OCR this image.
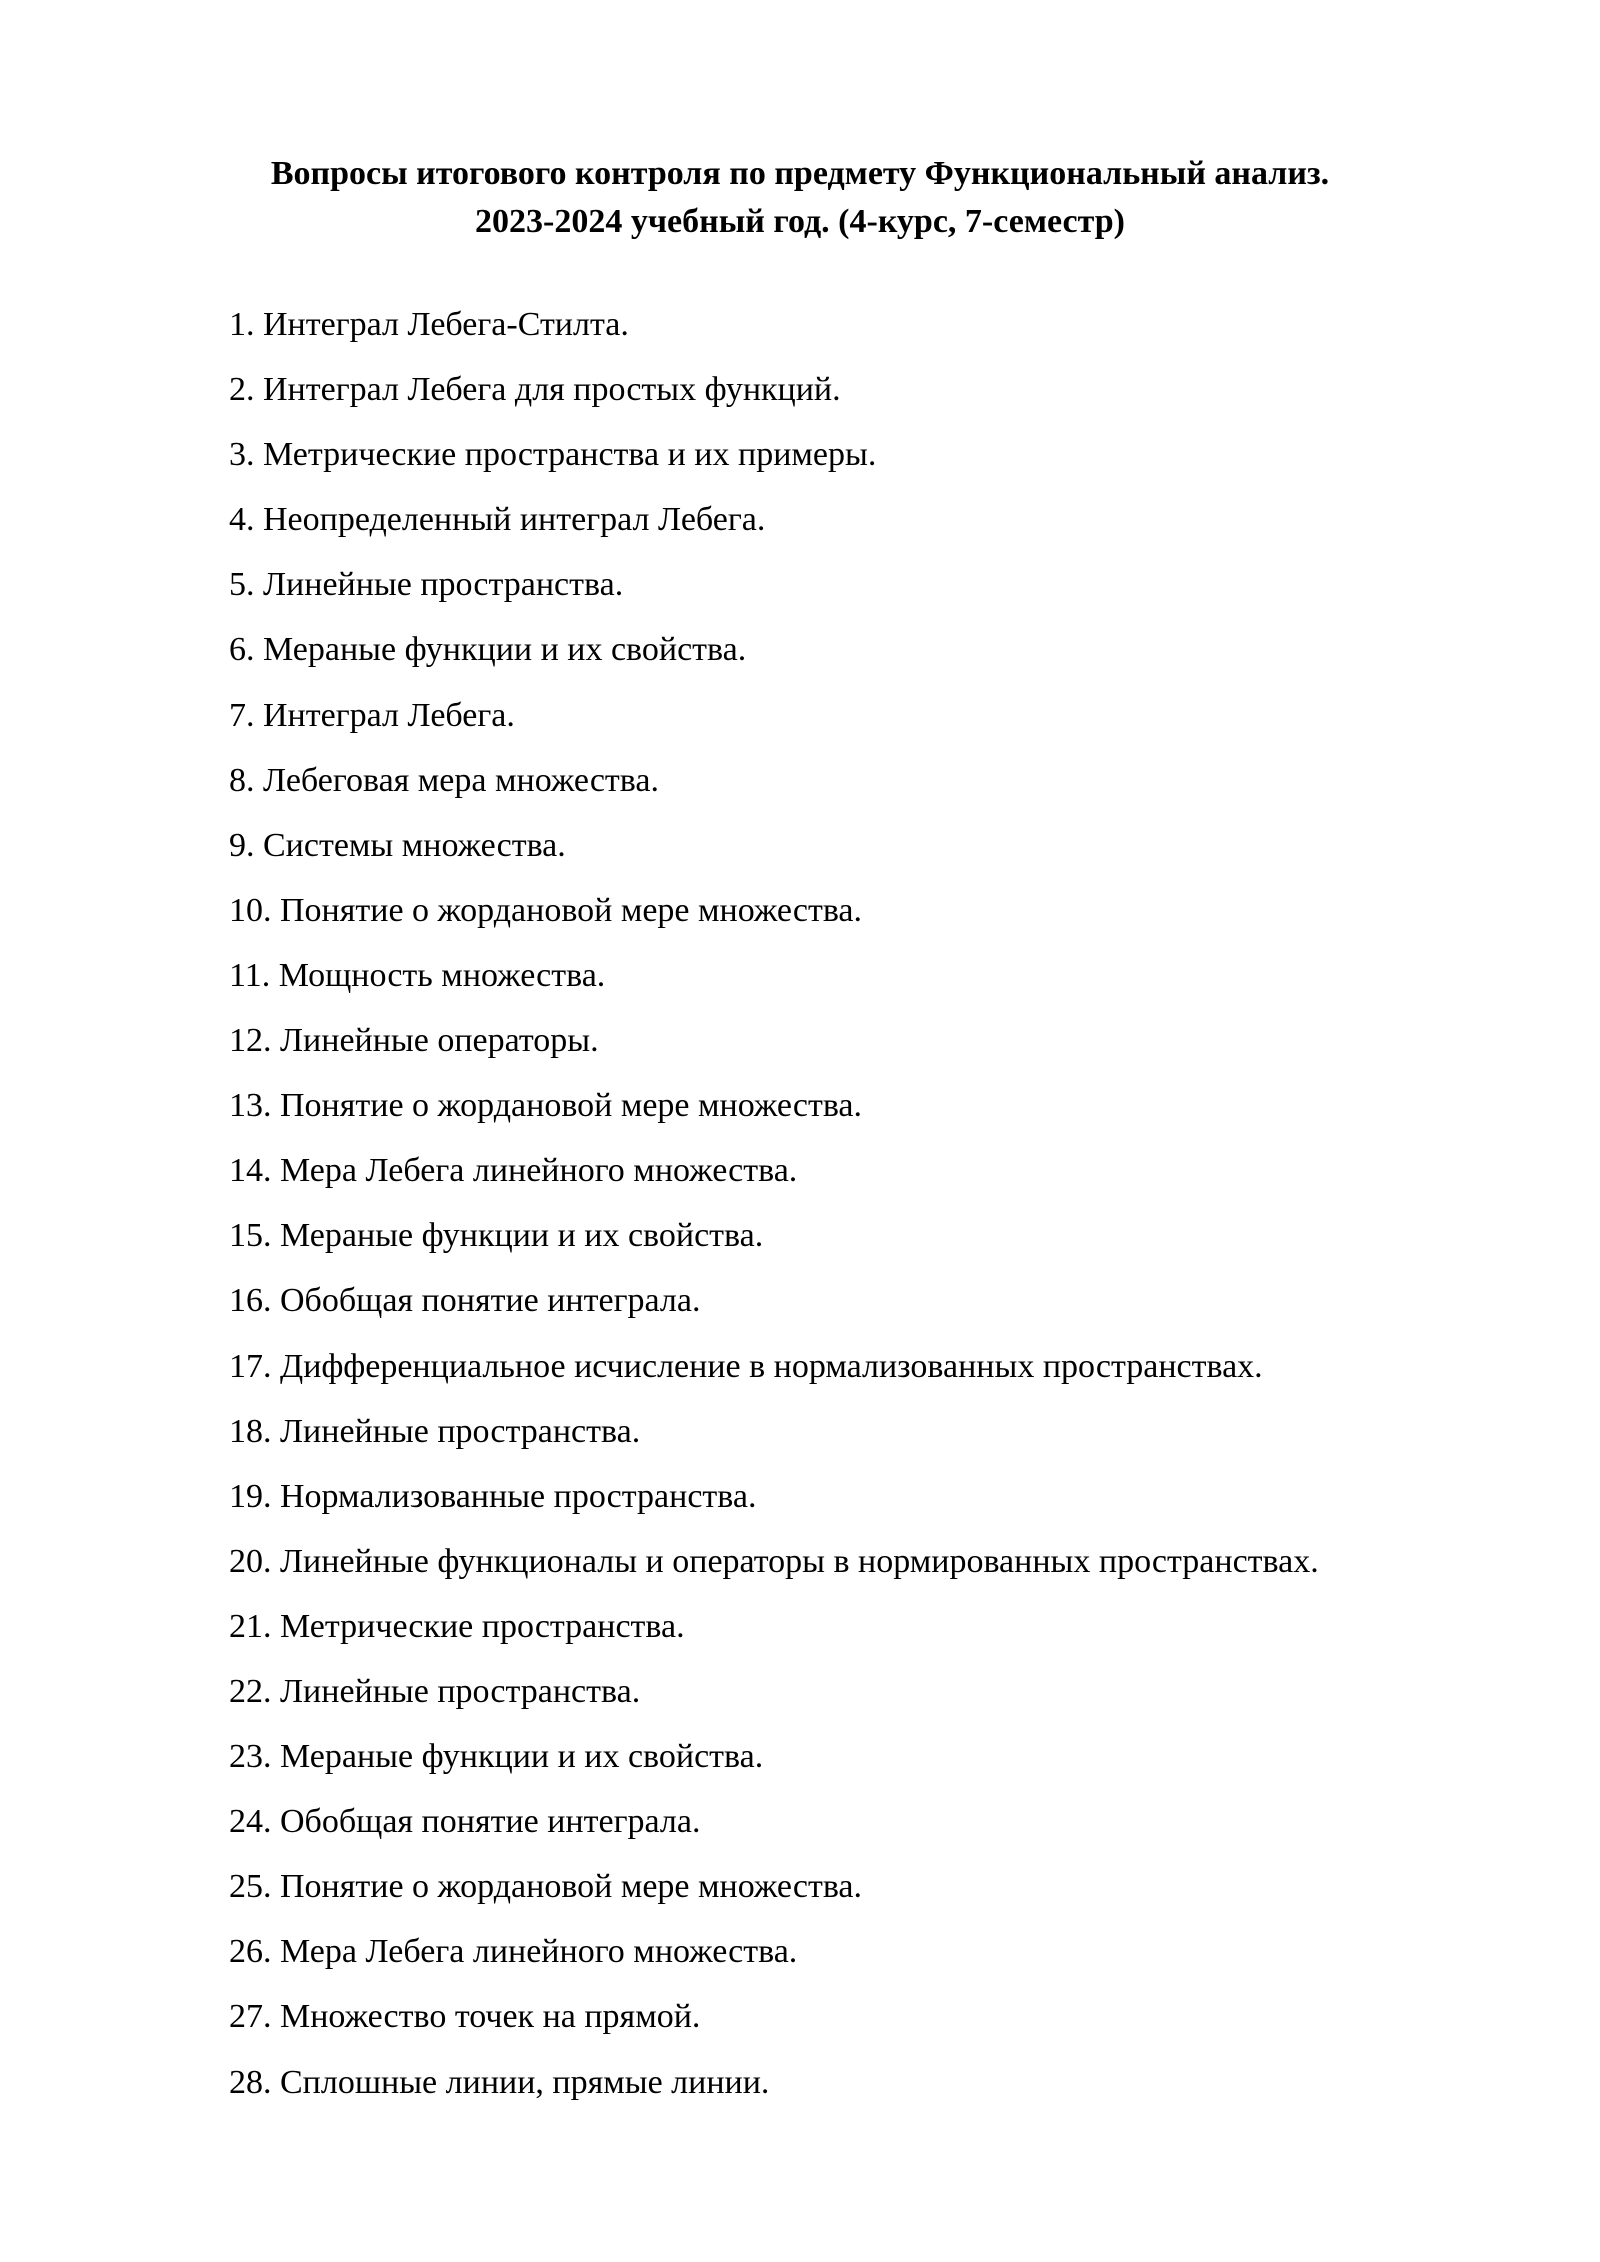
Вопросы итогового контроля по предмету Функциональный анализ.
2023-2024 учебный год. (4-курс, 7-семестр)
1. Интеграл Лебега-Стилта.
2. Интеграл Лебега для простых функций.
3. Метрические пространства и их примеры.
4. Неопределенный интеграл Лебега.
5. Линейные пространства.
6. Мераные функции и их свойства.
7. Интеграл Лебега.
8. Лебеговая мера множества.
9. Системы множества.
10. Понятие о жордановой мере множества.
11. Мощность множества.
12. Линейные операторы.
13. Понятие о жордановой мере множества.
14. Мера Лебега линейного множества.
15. Мераные функции и их свойства.
16. Обобщая понятие интеграла.
17. Дифференциальное исчисление в нормализованных пространствах.
18. Линейные пространства.
19. Нормализованные пространства.
20. Линейные функционалы и операторы в нормированных пространствах.
21. Метрические пространства.
22. Линейные пространства.
23. Мераные функции и их свойства.
24. Обобщая понятие интеграла.
25. Понятие о жордановой мере множества.
26. Мера Лебега линейного множества.
27. Множество точек на прямой.
28. Сплошные линии, прямые линии.
